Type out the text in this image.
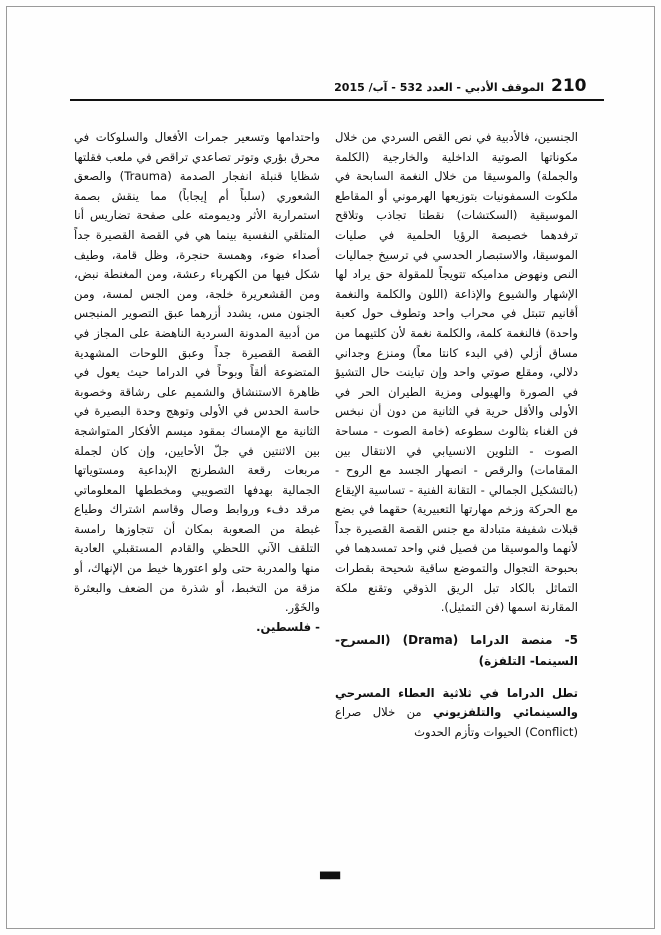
210
الموقف الأدبي - العدد 532 - آب/ 2015

الجنسين، فالأدبية في نص القص السردي من خلال مكوناتها الصوتية الداخلية والخارجية (الكلمة والجملة) والموسيقا من خلال النغمة السابحة في ملكوت السمفونيات بتوزيعها الهرموني أو المقاطع الموسيقية (السكتشات) نقطتا تجاذب وتلاقح ترفدهما خصيصة الرؤيا الحلمية في صليات الموسيقا، والاستبصار الحدسي في ترسيخ جماليات النص ونهوض مداميكه تتويجاً للمقولة حق يراد لها الإشهار والشيوع والإذاعة (اللون والكلمة والنغمة أقانيم تتبتل في محراب واحد وتطوف حول كعبة واحدة) فالنغمة كلمة، والكلمة نغمة لأن كلتيهما من مساق أزلي (في البدء كانتا معاً) ومنزع وجداني دلالي، ومقلع صوتي واحد وإن تباينت حال التشيؤ في الصورة والهيولى ومزية الطيران الحر في الأولى والأقل حرية في الثانية من دون أن نبخس فن الغناء بثالوث سطوعه (خامة الصوت - مساحة الصوت - التلوين الانسيابي في الانتقال بين المقامات) والرقص - انصهار الجسد مع الروح - (بالتشكيل الجمالي - التقانة الفنية - تساسية الإيقاع مع الحركة وزخم مهارتها التعبيرية) حقهما في بضع قبلات شفيفة متبادلة مع جنس القصة القصيرة جداً لأنهما والموسيقا من فصيل فني واحد تمسدهما في بحبوحة التجوال والتموضع ساقية شحيحة بقطرات التماثل بالكاد تبل الريق الذوقي وتقنع ملكة المقارنة اسمها (فن التمثيل).

5- منصة الدراما (Drama) (المسرح- السينما- التلفزة)

تطل الدراما في ثلاثية العطاء المسرحي والسينمائي والتلفزيوني من خلال صراع (Conflict) الحيوات وتأزم الحدوث

واحتدامها وتسعير جمرات الأفعال والسلوكات في محرق بؤري وتوتر تصاعدي تراقص في ملعب فقلتها شظايا قنبلة انفجار الصدمة (Trauma) والصعق الشعوري (سلباً أم إيجاباً) مما ينقش بصمة استمرارية الأثر وديمومته على صفحة تضاريس أنا المتلقي النفسية بينما هي في القصة القصيرة جداً أصداء ضوء، وهمسة حنجرة، وظل قامة، وطيف شكل فيها من الكهرباء رعشة، ومن المغنطة نبض، ومن القشعريرة خلجة، ومن الجس لمسة، ومن الجنون مس، يشدد أزرهما عبق التصوير المنبجس من أدبية المدونة السردية الناهضة على المجاز في القصة القصيرة جداً وعبق اللوحات المشهدية المتضوعة ألقاً وبوحاً في الدراما حيث يعول في ظاهرة الاستنشاق والشميم على رشاقة وخصوبة حاسة الحدس في الأولى وتوهج وحدة البصيرة في الثانية مع الإمساك بمقود ميسم الأفكار المتواشجة بين الاثنتين في جلّ الأحايين، وإن كان لجملة مربعات رقعة الشطرنج الإبداعية ومستوياتها الجمالية بهدفها التصويبي ومخططها المعلوماتي مرقد دفء وروابط وصال وقاسم اشتراك وطياع غبطة من الصعوبة بمكان أن تتجاوزها رامسة التلقف الآني اللحظي والقادم المستقبلي العادية منها والمدربة حتى ولو اعتورها خيط من الإنهاك، أو مزقة من التخبط، أو شذرة من الضعف والبعثرة والخَوْر.

- فلسطين.

▄▄
